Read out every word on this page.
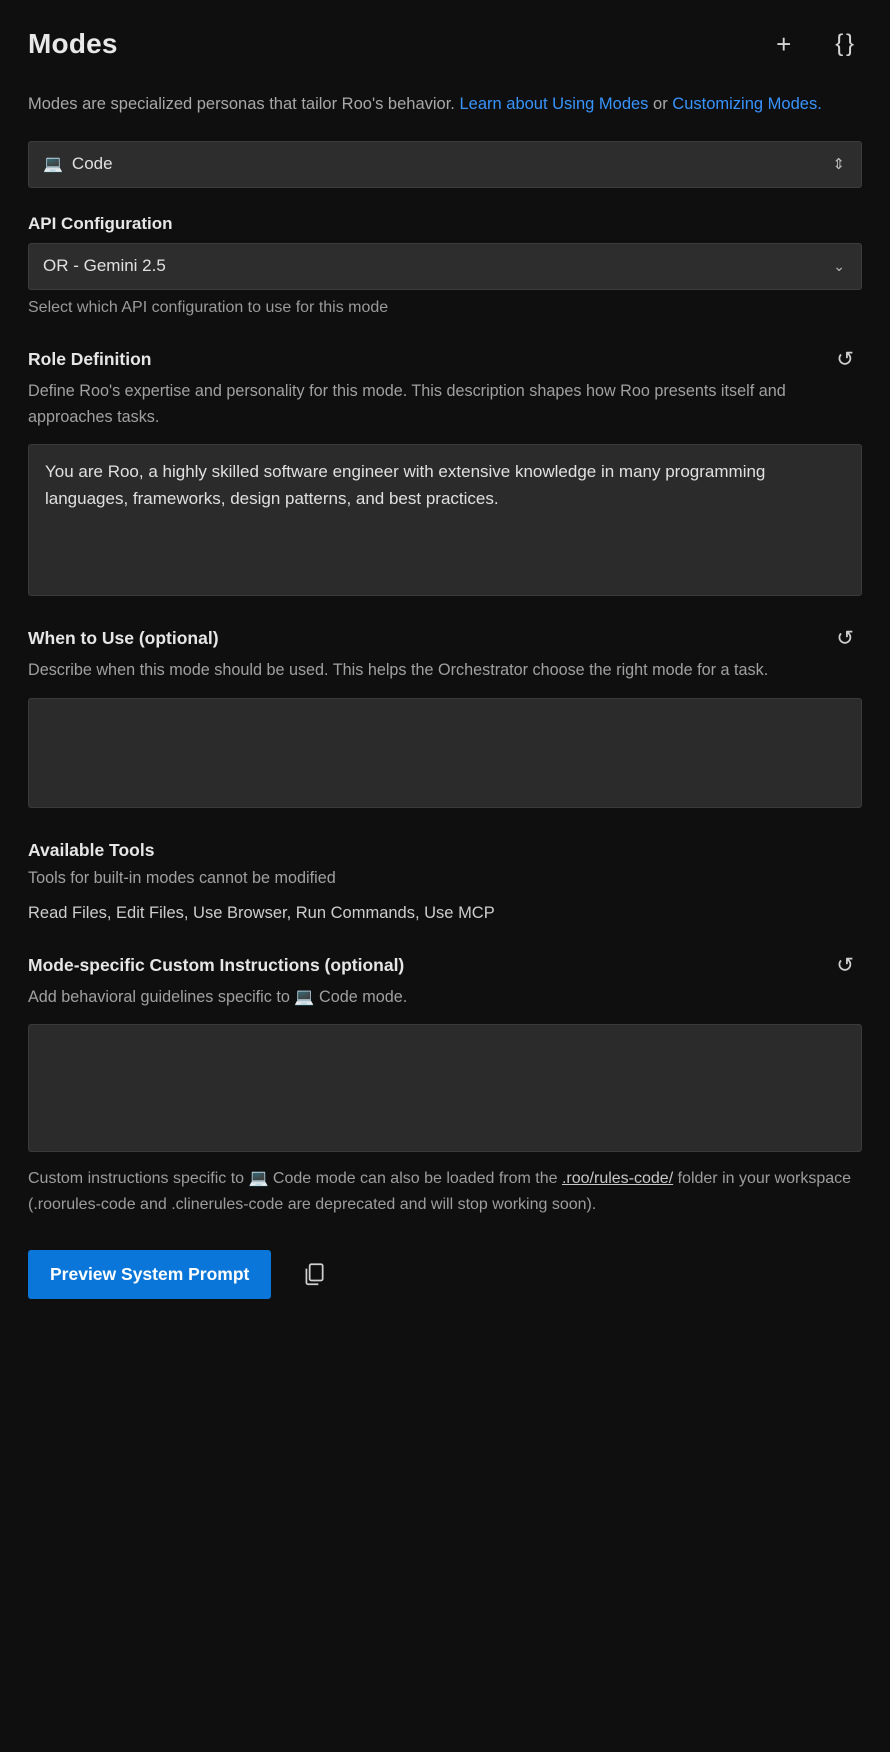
Modes	+ { }
Modes are specialized personas that tailor Roo's behavior. Learn about Using Modes or Customizing Modes.
💻 Code	⇕
API Configuration
OR - Gemini 2.5	⌄
Select which API configuration to use for this mode
Role Definition	↺
Define Roo's expertise and personality for this mode. This description shapes how Roo presents itself and approaches tasks.
You are Roo, a highly skilled software engineer with extensive knowledge in many programming languages, frameworks, design patterns, and best practices.
When to Use (optional)	↺
Describe when this mode should be used. This helps the Orchestrator choose the right mode for a task.
Available Tools
Tools for built-in modes cannot be modified
Read Files, Edit Files, Use Browser, Run Commands, Use MCP
Mode-specific Custom Instructions (optional)	↺
Add behavioral guidelines specific to 💻 Code mode.
Custom instructions specific to 💻 Code mode can also be loaded from the .roo/rules-code/ folder in your workspace (.roorules-code and .clinerules-code are deprecated and will stop working soon).
Preview System Prompt
